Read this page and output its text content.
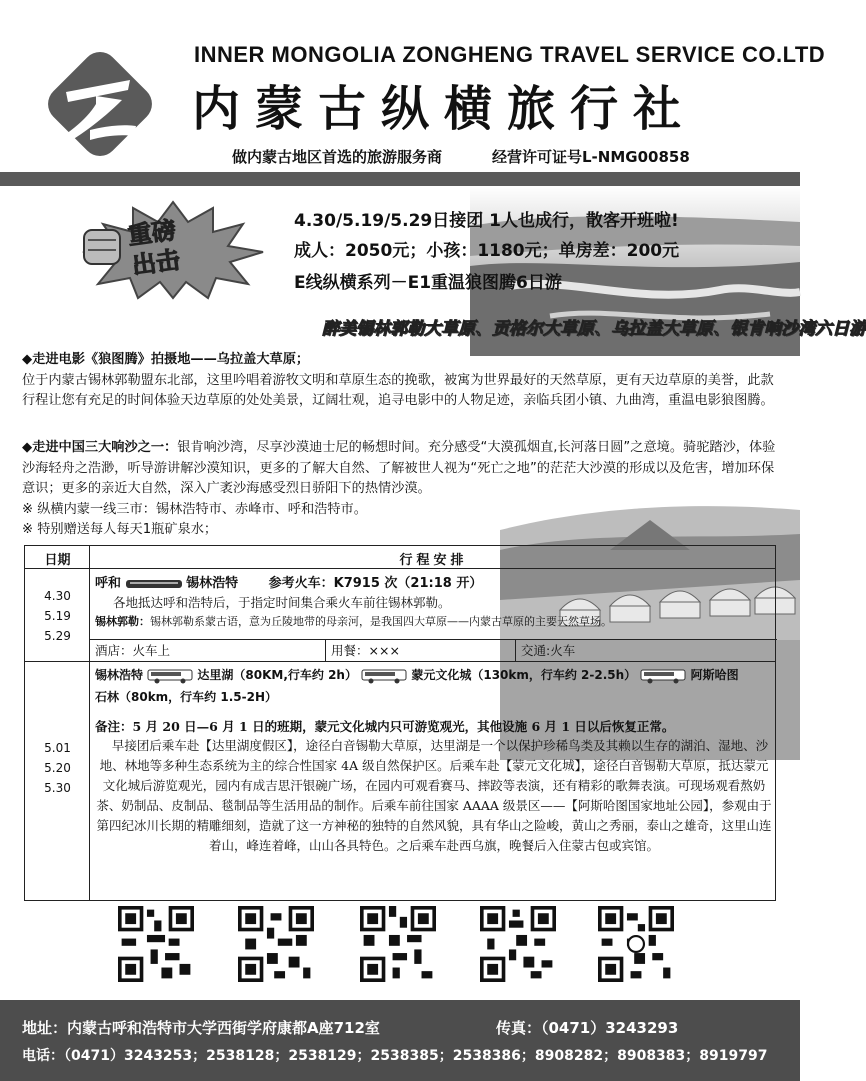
INNER MONGOLIA ZONGHENG TRAVEL SERVICE CO.LTD
内蒙古纵横旅行社
做内蒙古地区首选的旅游服务商	经营许可证号L-NMG00858
重磅
出击
4.30/5.19/5.29日接团 1人也成行，散客开班啦!
成人：2050元；小孩：1180元；单房差：200元
E线纵横系列－E1重温狼图腾6日游
醉美锡林郭勒大草原、贡格尔大草原、乌拉盖大草原、银肯响沙湾六日游
◆走进电影《狼图腾》拍摄地——乌拉盖大草原；
位于内蒙古锡林郭勒盟东北部，这里吟唱着游牧文明和草原生态的挽歌，被寓为世界最好的天然草原，更有天边草原的美誉，此款行程让您有充足的时间体验天边草原的处处美景，辽阔壮观，追寻电影中的人物足迹，亲临兵团小镇、九曲湾，重温电影狼图腾。
◆走进中国三大响沙之一：银肯响沙湾，尽享沙漠迪士尼的畅想时间。充分感受“大漠孤烟直,长河落日圆”之意境。骑驼踏沙，体验沙海轻舟之浩渺，听导游讲解沙漠知识，更多的了解大自然、了解被世人视为“死亡之地”的茫茫大沙漠的形成以及危害，增加环保意识；更多的亲近大自然，深入广袤沙海感受烈日骄阳下的热情沙漠。
※ 纵横内蒙一线三市：锡林浩特市、赤峰市、呼和浩特市。
※ 特别赠送每人每天1瓶矿泉水；
日期	行程安排
4.30
5.19
5.29
呼和	锡林浩特 参考火车：K7915 次（21:18 开）
各地抵达呼和浩特后，于指定时间集合乘火车前往锡林郭勒。
锡林郭勒：锡林郭勒系蒙古语，意为丘陵地带的母亲河，是我国四大草原——内蒙古草原的主要天然草场。
酒店：火车上	用餐：×××	交通:火车
5.01
5.20
5.30
锡林浩特	达里湖（80KM,行车约 2h）	蒙元文化城（130km，行车约 2-2.5h）	阿斯哈图
石林（80km，行车约 1.5-2H）
备注：5 月 20 日—6 月 1 日的班期，蒙元文化城内只可游览观光，其他设施 6 月 1 日以后恢复正常。
早接团后乘车赴【达里湖度假区】，途径白音锡勒大草原，达里湖是一个以保护珍稀鸟类及其赖以生存的湖泊、湿地、沙地、林地等多种生态系统为主的综合性国家 4A 级自然保护区。后乘车赴【蒙元文化城】，途径白音锡勒大草原，抵达蒙元文化城后游览观光，园内有成吉思汗银碗广场，在园内可观看赛马、摔跤等表演，还有精彩的歌舞表演。可现场观看熬奶茶、奶制品、皮制品、毯制品等生活用品的制作。后乘车前往国家 AAAA 级景区——【阿斯哈图国家地址公园】，参观由于第四纪冰川长期的精雕细刻，造就了这一方神秘的独特的自然风貌，具有华山之险峻，黄山之秀丽，泰山之雄奇，这里山连着山，峰连着峰，山山各具特色。之后乘车赴西乌旗，晚餐后入住蒙古包或宾馆。
地址：内蒙古呼和浩特市大学西街学府康都A座712室	传真：（0471）3243293
电话：（0471）3243253；2538128；2538129；2538385；2538386；8908282；8908383；8919797
